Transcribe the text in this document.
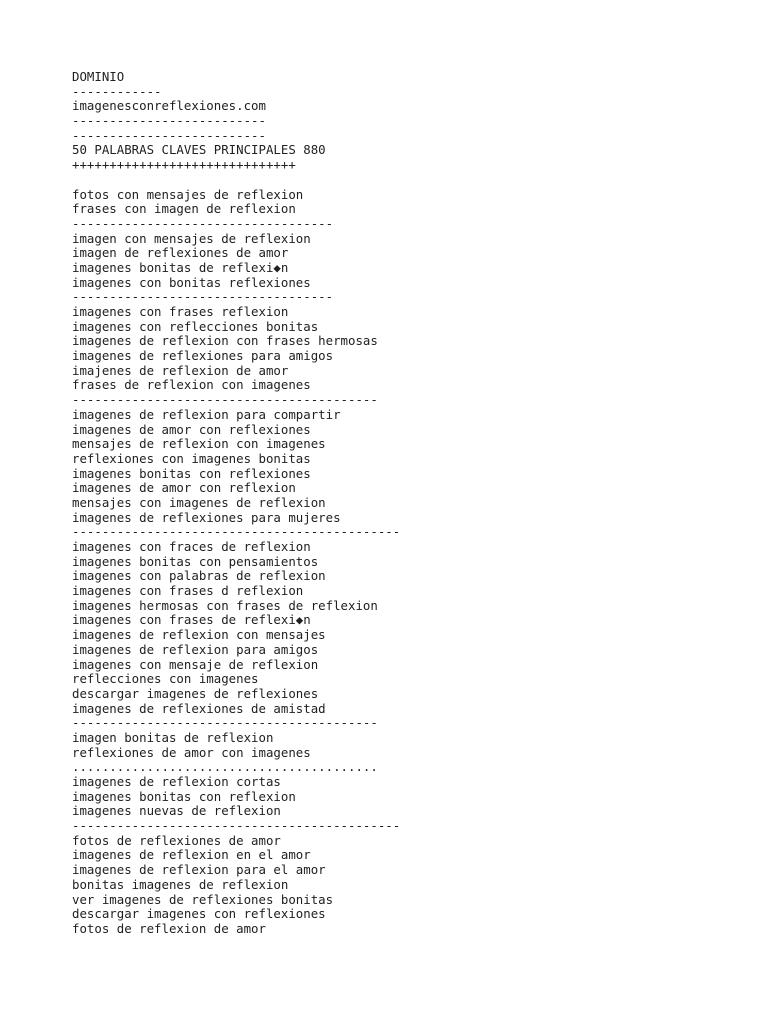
DOMINIO
------------
imagenesconreflexiones.com
--------------------------
--------------------------
50 PALABRAS CLAVES PRINCIPALES 880
++++++++++++++++++++++++++++++
fotos con mensajes de reflexion
frases con imagen de reflexion
-----------------------------------
imagen con mensajes de reflexion
imagen de reflexiones de amor
imagenes bonitas de reflexi◆n
imagenes con bonitas reflexiones
-----------------------------------
imagenes con frases reflexion
imagenes con reflecciones bonitas
imagenes de reflexion con frases hermosas
imagenes de reflexiones para amigos
imajenes de reflexion de amor
frases de reflexion con imagenes
-----------------------------------------
imagenes de reflexion para compartir
imagenes de amor con reflexiones
mensajes de reflexion con imagenes
reflexiones con imagenes bonitas
imagenes bonitas con reflexiones
imagenes de amor con reflexion
mensajes con imagenes de reflexion
imagenes de reflexiones para mujeres
--------------------------------------------
imagenes con fraces de reflexion
imagenes bonitas con pensamientos
imagenes con palabras de reflexion
imagenes con frases d reflexion
imagenes hermosas con frases de reflexion
imagenes con frases de reflexi◆n
imagenes de reflexion con mensajes
imagenes de reflexion para amigos
imagenes con mensaje de reflexion
reflecciones con imagenes
descargar imagenes de reflexiones
imagenes de reflexiones de amistad
-----------------------------------------
imagen bonitas de reflexion
reflexiones de amor con imagenes
.........................................
imagenes de reflexion cortas
imagenes bonitas con reflexion
imagenes nuevas de reflexion
--------------------------------------------
fotos de reflexiones de amor
imagenes de reflexion en el amor
imagenes de reflexion para el amor
bonitas imagenes de reflexion
ver imagenes de reflexiones bonitas
descargar imagenes con reflexiones
fotos de reflexion de amor
